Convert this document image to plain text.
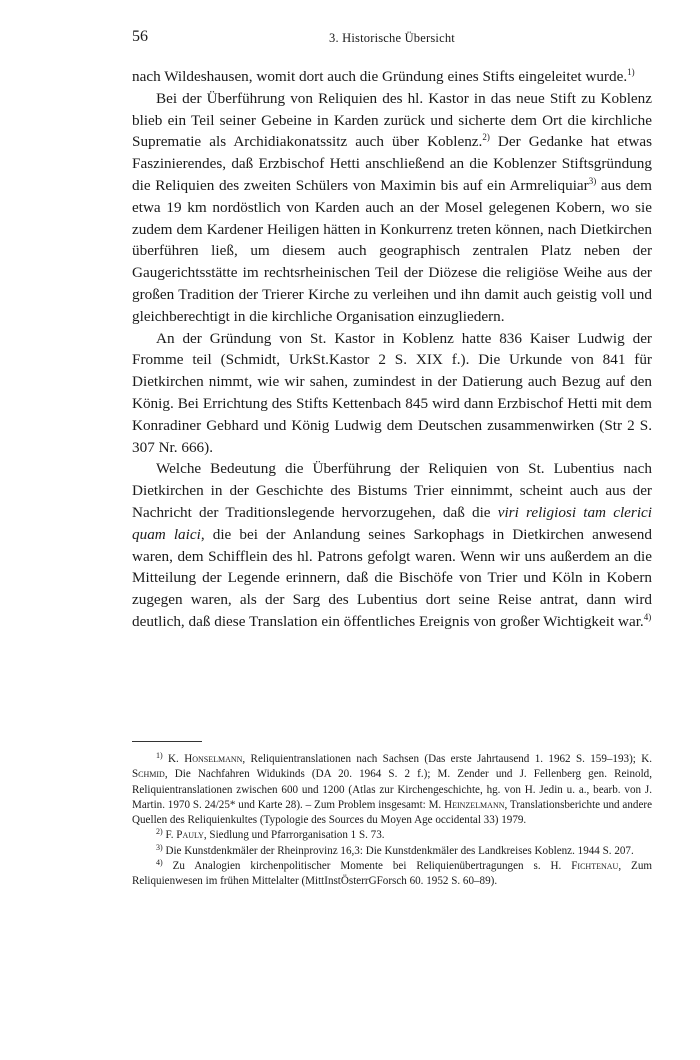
56	3. Historische Übersicht

nach Wildeshausen, womit dort auch die Gründung eines Stifts eingeleitet wurde.$^{1)}$

Bei der Überführung von Reliquien des hl. Kastor in das neue Stift zu Koblenz blieb ein Teil seiner Gebeine in Karden zurück und sicherte dem Ort die kirchliche Suprematie als Archidiakonatssitz auch über Koblenz.$^{2)}$ Der Gedanke hat etwas Faszinierendes, daß Erzbischof Hetti anschließend an die Koblenzer Stiftsgründung die Reliquien des zweiten Schülers von Maximin bis auf ein Armreliquiar$^{3)}$ aus dem etwa 19 km nordöstlich von Karden auch an der Mosel gelegenen Kobern, wo sie zudem dem Kardener Heiligen hätten in Konkurrenz treten können, nach Dietkirchen überführen ließ, um diesem auch geographisch zentralen Platz neben der Gaugerichtsstätte im rechtsrheinischen Teil der Diözese die religiöse Weihe aus der großen Tradition der Trierer Kirche zu verleihen und ihn damit auch geistig voll und gleichberechtigt in die kirchliche Organisation einzugliedern.

An der Gründung von St. Kastor in Koblenz hatte 836 Kaiser Ludwig der Fromme teil (Schmidt, UrkSt.Kastor 2 S. XIX f.). Die Urkunde von 841 für Dietkirchen nimmt, wie wir sahen, zumindest in der Datierung auch Bezug auf den König. Bei Errichtung des Stifts Kettenbach 845 wird dann Erzbischof Hetti mit dem Konradiner Gebhard und König Ludwig dem Deutschen zusammenwirken (Str 2 S. 307 Nr. 666).

Welche Bedeutung die Überführung der Reliquien von St. Lubentius nach Dietkirchen in der Geschichte des Bistums Trier einnimmt, scheint auch aus der Nachricht der Traditionslegende hervorzugehen, daß die viri religiosi tam clerici quam laici, die bei der Anlandung seines Sarkophags in Dietkirchen anwesend waren, dem Schifflein des hl. Patrons gefolgt waren. Wenn wir uns außerdem an die Mitteilung der Legende erinnern, daß die Bischöfe von Trier und Köln in Kobern zugegen waren, als der Sarg des Lubentius dort seine Reise antrat, dann wird deutlich, daß diese Translation ein öffentliches Ereignis von großer Wichtigkeit war.$^{4)}$

$^{1)}$ K. Honselmann, Reliquientranslationen nach Sachsen (Das erste Jahrtausend 1. 1962 S. 159–193); K. Schmid, Die Nachfahren Widukinds (DA 20. 1964 S. 2 f.); M. Zender und J. Fellenberg gen. Reinold, Reliquientranslationen zwischen 600 und 1200 (Atlas zur Kirchengeschichte, hg. von H. Jedin u. a., bearb. von J. Martin. 1970 S. 24/25* und Karte 28). – Zum Problem insgesamt: M. Heinzelmann, Translationsberichte und andere Quellen des Reliquienkultes (Typologie des Sources du Moyen Age occidental 33) 1979.

$^{2)}$ F. Pauly, Siedlung und Pfarrorganisation 1 S. 73.

$^{3)}$ Die Kunstdenkmäler der Rheinprovinz 16,3: Die Kunstdenkmäler des Landkreises Koblenz. 1944 S. 207.

$^{4)}$ Zu Analogien kirchenpolitischer Momente bei Reliquienübertragungen s. H. Fichtenau, Zum Reliquienwesen im frühen Mittelalter (MittInstÖsterrGForsch 60. 1952 S. 60–89).
